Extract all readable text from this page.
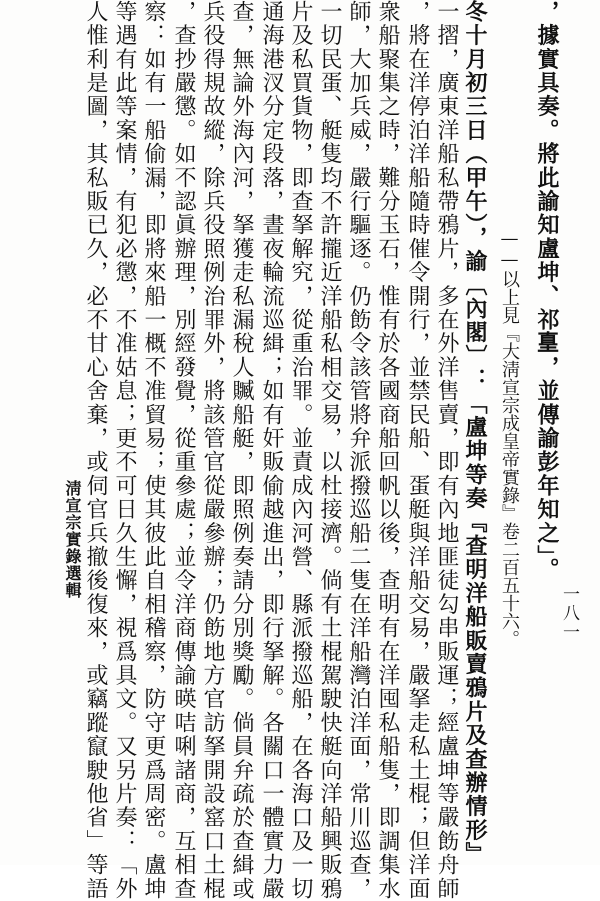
，據實具奏。將此諭知盧坤、祁𡌴，並傳諭彭年知之」。
——以上見『大淸宣宗成皇帝實錄』卷二百五十六。
冬十月初三日（甲午），諭〔內閣〕：「盧坤等奏『查明洋船販賣鴉片及查辦情形』
一摺，廣東洋船私帶鴉片，多在外洋售賣，即有內地匪徒勾串販運；經盧坤等嚴飭舟師
，將在洋停泊洋船隨時催令開行，並禁民船、蛋艇與洋船交易，嚴拏走私土棍；但洋面
衆船聚集之時，難分玉石，惟有於各國商船回帆以後，查明有在洋囤私船隻，即調集水
師，大加兵威，嚴行驅逐。仍飭令該管將弁派撥巡船二隻在洋船灣泊洋面，常川巡查，
一切民蛋、艇隻均不許攏近洋船私相交易，以杜接濟。倘有土棍駕駛快艇向洋船興販鴉
片及私買貨物，即查拏解究，從重治罪。並責成內河營、縣派撥巡船，在各海口及一切
通海港汊分定段落，晝夜輪流巡緝；如有奸販偷越進出，即行拏解。各關口一體實力嚴
查，無論外海內河，拏獲走私漏稅人贓船艇，即照例奏請分別獎勵。倘員弁疏於查緝或
兵役得規故縱，除兵役照例治罪外，將該管官從嚴參辦；仍飭地方官訪拏開設窰口土棍
，查抄嚴懲。如不認眞辦理，別經發覺，從重參處；並令洋商傳諭暎咭唎諸商，互相查
察：如有一船偷漏，即將來船一概不准貿易；使其彼此自相稽察，防守更爲周密。盧坤
等遇有此等案情，有犯必懲，不准姑息；更不可日久生懈，視爲具文。又另片奏：「外
人惟利是圖，其私販已久，必不甘心舍棄，或伺官兵撤後復來，或竊蹤竄駛他省」等語
淸宣宗實錄選輯
一八一
